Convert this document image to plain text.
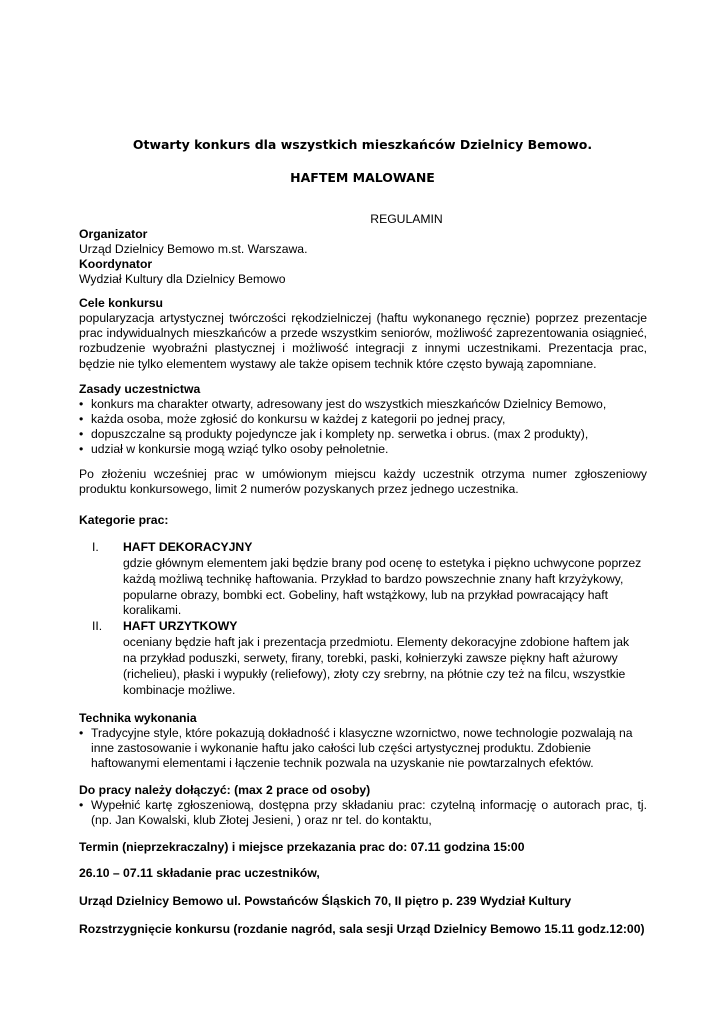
Otwarty konkurs dla wszystkich mieszkańców Dzielnicy Bemowo.
HAFTEM MALOWANE
REGULAMIN
Organizator
Urząd Dzielnicy Bemowo m.st. Warszawa.
Koordynator
Wydział Kultury dla Dzielnicy Bemowo
Cele konkursu
popularyzacja artystycznej twórczości rękodzielniczej (haftu wykonanego ręcznie) poprzez prezentacje prac indywidualnych mieszkańców a przede wszystkim seniorów, możliwość zaprezentowania osiągnieć, rozbudzenie wyobraźni plastycznej i możliwość integracji z innymi uczestnikami. Prezentacja prac, będzie nie tylko elementem wystawy ale także opisem technik które często bywają zapomniane.
Zasady uczestnictwa
• konkurs ma charakter otwarty, adresowany jest do wszystkich mieszkańców Dzielnicy Bemowo,
• każda osoba, może zgłosić do konkursu w każdej z kategorii po jednej pracy,
• dopuszczalne są produkty pojedyncze jak i komplety np. serwetka i obrus. (max 2 produkty),
• udział w konkursie mogą wziąć tylko osoby pełnoletnie.
Po złożeniu wcześniej prac w umówionym miejscu każdy uczestnik otrzyma numer zgłoszeniowy produktu konkursowego, limit 2 numerów pozyskanych przez jednego uczestnika.
Kategorie prac:
I. HAFT DEKORACYJNY
gdzie głównym elementem jaki będzie brany pod ocenę to estetyka i piękno uchwycone poprzez
każdą możliwą technikę haftowania. Przykład to bardzo powszechnie znany haft krzyżykowy,
popularne obrazy, bombki ect. Gobeliny, haft wstążkowy, lub na przykład powracający haft
koralikami.
II. HAFT URZYTKOWY
oceniany będzie haft jak i prezentacja przedmiotu. Elementy dekoracyjne zdobione haftem jak
na przykład poduszki, serwety, firany, torebki, paski, kołnierzyki zawsze piękny haft ażurowy
(richelieu), płaski i wypukły (reliefowy), złoty czy srebrny, na płótnie czy też na filcu, wszystkie
kombinacje możliwe.
Technika wykonania
• Tradycyjne style, które pokazują dokładność i klasyczne wzornictwo, nowe technologie pozwalają na
inne zastosowanie i wykonanie haftu jako całości lub części artystycznej produktu. Zdobienie
haftowanymi elementami i łączenie technik pozwala na uzyskanie nie powtarzalnych efektów.
Do pracy należy dołączyć: (max 2 prace od osoby)
• Wypełnić kartę zgłoszeniową, dostępna przy składaniu prac: czytelną informację o autorach prac, tj. (np. Jan Kowalski, klub Złotej Jesieni, ) oraz nr tel. do kontaktu,
Termin (nieprzekraczalny) i miejsce przekazania prac do: 07.11 godzina 15:00
26.10 – 07.11 składanie prac uczestników,
Urząd Dzielnicy Bemowo ul. Powstańców Śląskich 70, II piętro p. 239 Wydział Kultury
Rozstrzygnięcie konkursu (rozdanie nagród, sala sesji Urząd Dzielnicy Bemowo 15.11 godz.12:00)
